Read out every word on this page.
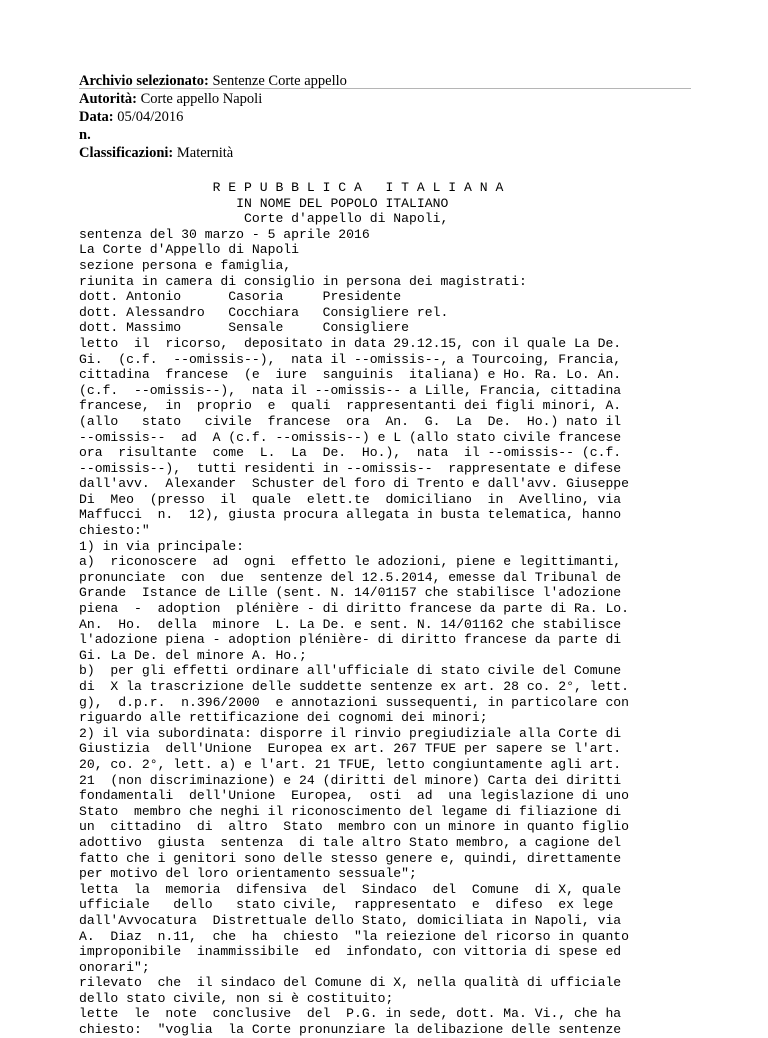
Archivio selezionato: Sentenze Corte appello
Autorità: Corte appello Napoli
Data: 05/04/2016
n.
Classificazioni: Maternità
R E P U B B L I C A   I T A L I A N A
IN NOME DEL POPOLO ITALIANO
Corte d'appello di Napoli,
sentenza del 30 marzo - 5 aprile 2016
La Corte d'Appello di Napoli
sezione persona e famiglia,
riunita in camera di consiglio in persona dei magistrati:
dott. Antonio      Casoria     Presidente
dott. Alessandro   Cocchiara   Consigliere rel.
dott. Massimo      Sensale     Consigliere
letto  il  ricorso,  depositato in data 29.12.15, con il quale La De.
Gi.  (c.f.  --omissis--),  nata il --omissis--, a Tourcoing, Francia,
cittadina  francese  (e  iure  sanguinis  italiana) e Ho. Ra. Lo. An.
(c.f.  --omissis--),  nata il --omissis-- a Lille, Francia, cittadina
francese,  in  proprio  e  quali  rappresentanti dei figli minori, A.
(allo   stato   civile  francese  ora  An.  G.  La  De.  Ho.) nato il
--omissis--  ad  A (c.f. --omissis--) e L (allo stato civile francese
ora  risultante  come  L.  La  De.  Ho.),  nata  il --omissis-- (c.f.
--omissis--),  tutti residenti in --omissis--  rappresentate e difese
dall'avv.  Alexander  Schuster del foro di Trento e dall'avv. Giuseppe
Di  Meo  (presso  il  quale  elett.te  domiciliano  in  Avellino, via
Maffucci  n.  12), giusta procura allegata in busta telematica, hanno
chiesto:"
1) in via principale:
a)  riconoscere  ad  ogni  effetto le adozioni, piene e legittimanti,
pronunciate  con  due  sentenze del 12.5.2014, emesse dal Tribunal de
Grande  Istance de Lille (sent. N. 14/01157 che stabilisce l'adozione
piena  -  adoption  plénière - di diritto francese da parte di Ra. Lo.
An.  Ho.  della  minore  L. La De. e sent. N. 14/01162 che stabilisce
l'adozione piena - adoption plénière- di diritto francese da parte di
Gi. La De. del minore A. Ho.;
b)  per gli effetti ordinare all'ufficiale di stato civile del Comune
di  X la trascrizione delle suddette sentenze ex art. 28 co. 2°, lett.
g),  d.p.r.  n.396/2000  e annotazioni sussequenti, in particolare con
riguardo alle rettificazione dei cognomi dei minori;
2) il via subordinata: disporre il rinvio pregiudiziale alla Corte di
Giustizia  dell'Unione  Europea ex art. 267 TFUE per sapere se l'art.
20, co. 2°, lett. a) e l'art. 21 TFUE, letto congiuntamente agli art.
21  (non discriminazione) e 24 (diritti del minore) Carta dei diritti
fondamentali  dell'Unione  Europea,  osti  ad  una legislazione di uno
Stato  membro che neghi il riconoscimento del legame di filiazione di
un  cittadino  di  altro  Stato  membro con un minore in quanto figlio
adottivo  giusta  sentenza  di tale altro Stato membro, a cagione del
fatto che i genitori sono delle stesso genere e, quindi, direttamente
per motivo del loro orientamento sessuale";
letta  la  memoria  difensiva  del  Sindaco  del  Comune  di X, quale
ufficiale   dello   stato civile,  rappresentato  e  difeso  ex lege
dall'Avvocatura  Distrettuale dello Stato, domiciliata in Napoli, via
A.  Diaz  n.11,  che  ha  chiesto  "la reiezione del ricorso in quanto
improponibile  inammissibile  ed  infondato, con vittoria di spese ed
onorari";
rilevato  che  il sindaco del Comune di X, nella qualità di ufficiale
dello stato civile, non si è costituito;
lette  le  note  conclusive  del  P.G. in sede, dott. Ma. Vi., che ha
chiesto:  "voglia  la Corte pronunziare la delibazione delle sentenze
